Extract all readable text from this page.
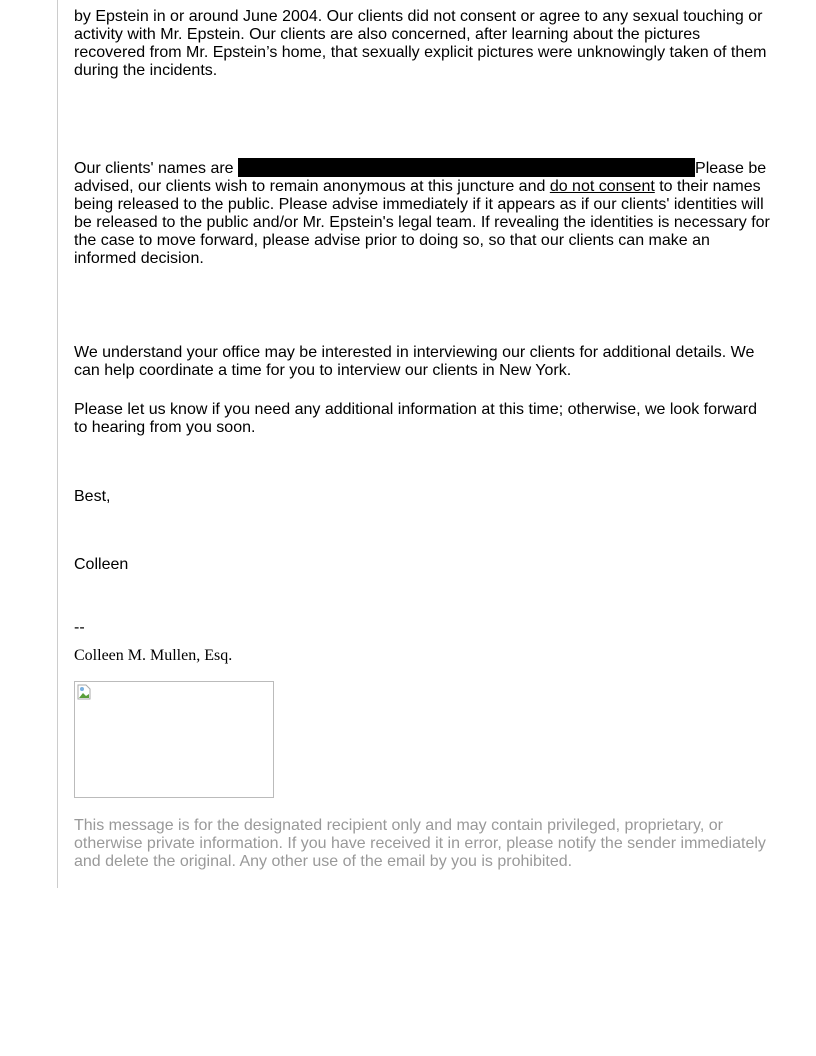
by Epstein in or around June 2004. Our clients did not consent or agree to any sexual touching or activity with Mr. Epstein. Our clients are also concerned, after learning about the pictures recovered from Mr. Epstein’s home, that sexually explicit pictures were unknowingly taken of them during the incidents.

Our clients' names are	Please be advised, our clients wish to remain anonymous at this juncture and do not consent to their names being released to the public. Please advise immediately if it appears as if our clients' identities will be released to the public and/or Mr. Epstein's legal team. If revealing the identities is necessary for the case to move forward, please advise prior to doing so, so that our clients can make an informed decision.

We understand your office may be interested in interviewing our clients for additional details. We can help coordinate a time for you to interview our clients in New York.

Please let us know if you need any additional information at this time; otherwise, we look forward to hearing from you soon.

Best,

Colleen

--

Colleen M. Mullen, Esq.

This message is for the designated recipient only and may contain privileged, proprietary, or otherwise private information. If you have received it in error, please notify the sender immediately and delete the original. Any other use of the email by you is prohibited.
